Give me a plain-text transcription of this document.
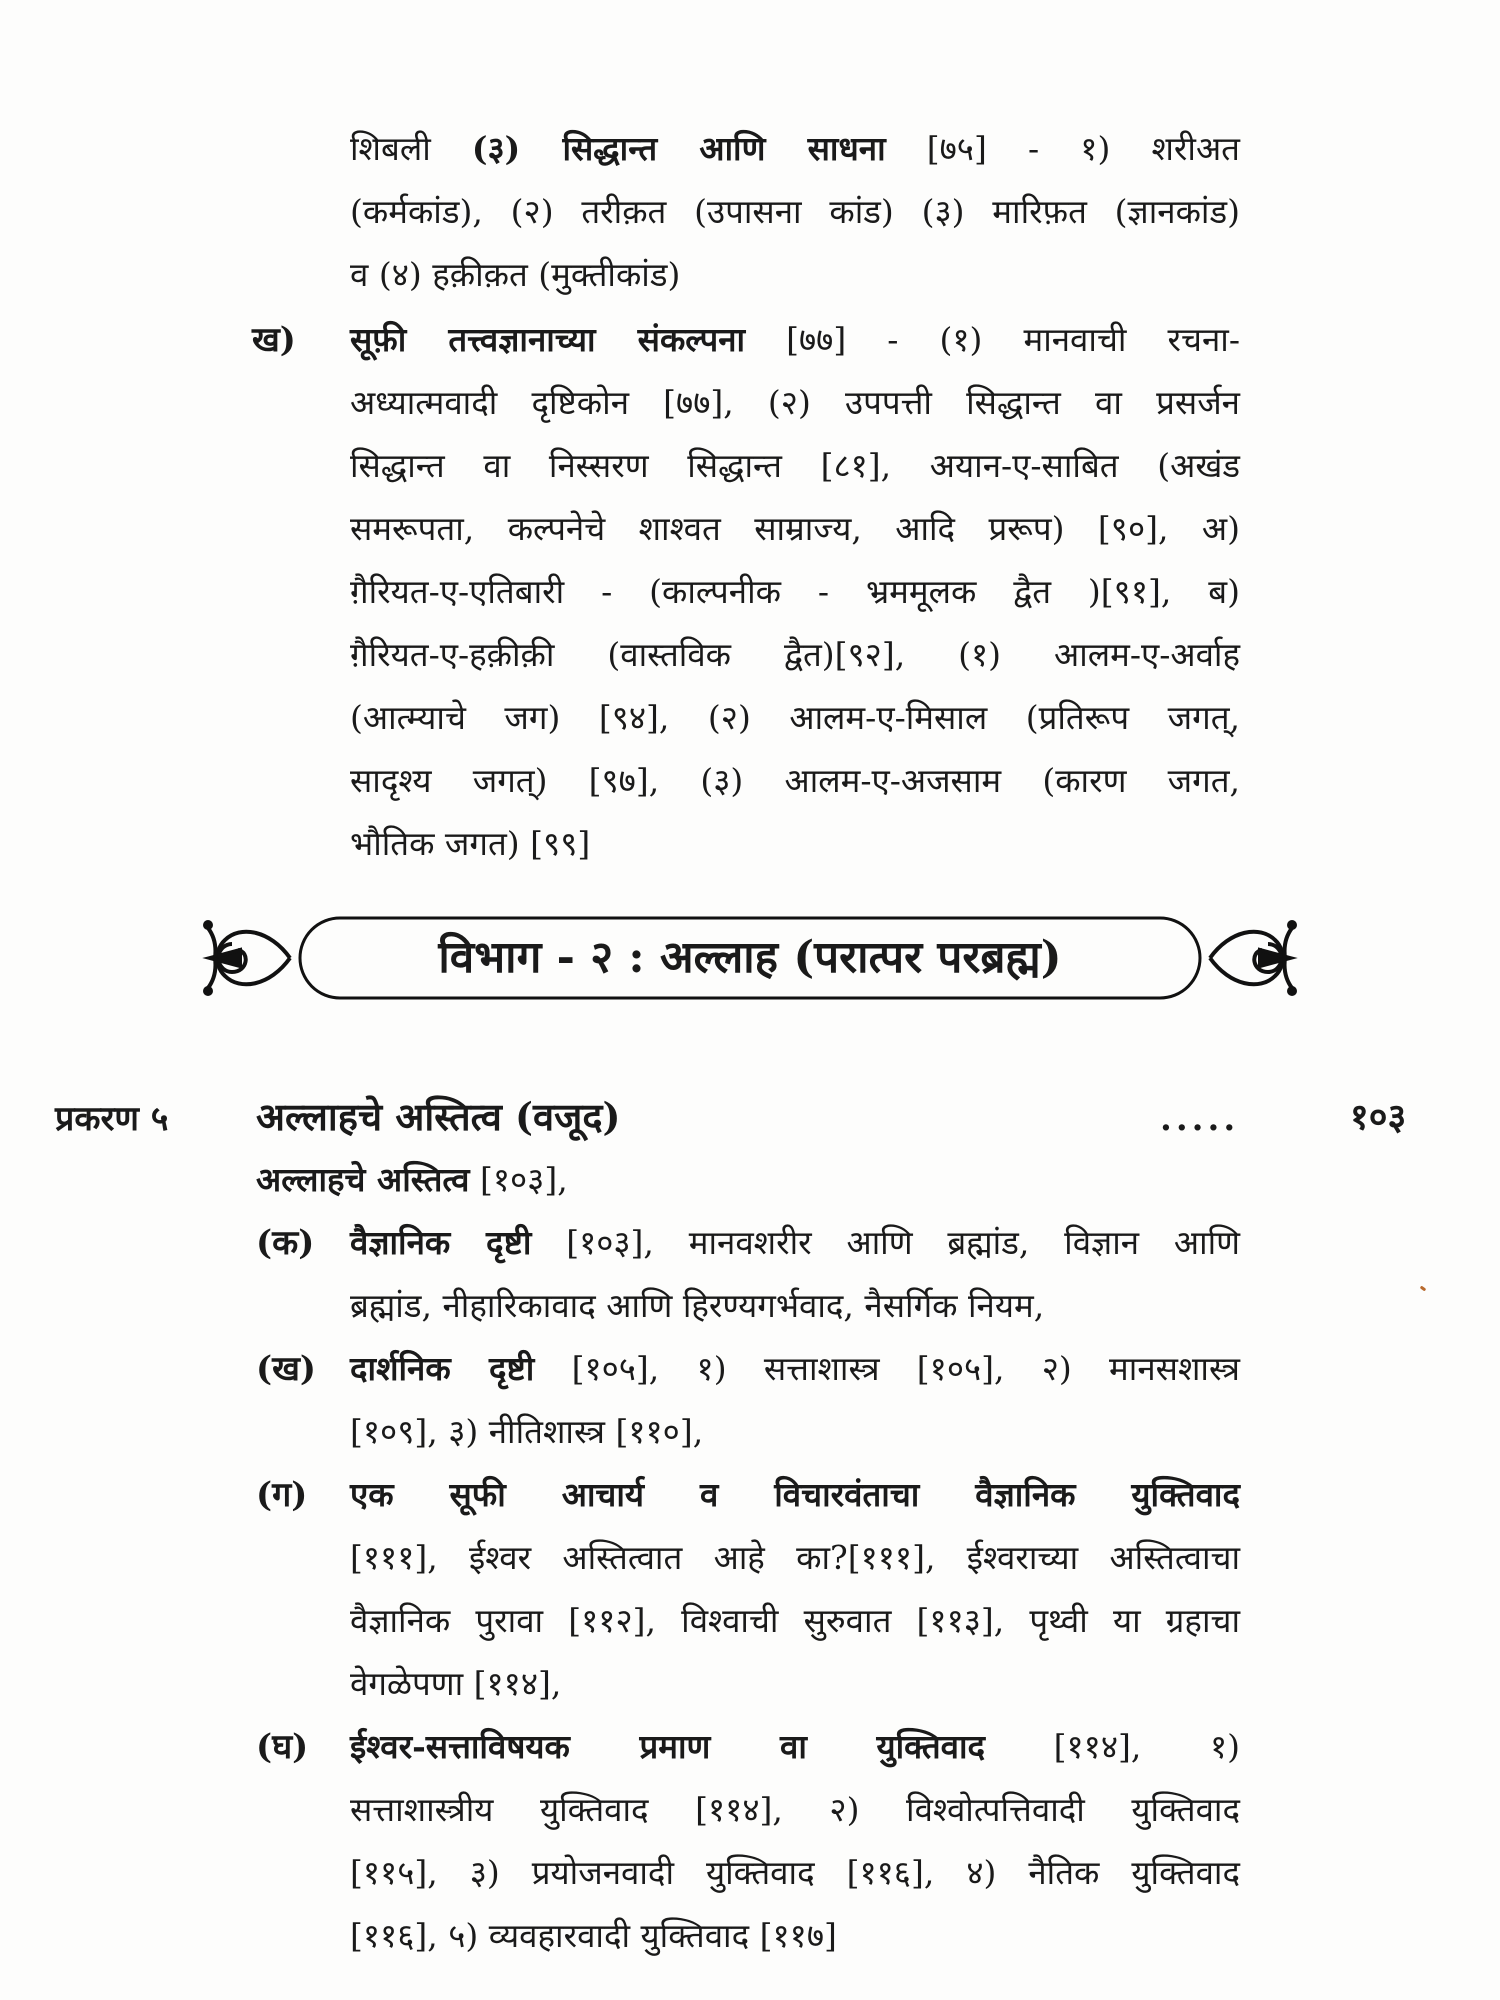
शिबली (३) सिद्धान्त आणि साधना [७५] - १) शरीअत
(कर्मकांड), (२) तरीक़त (उपासना कांड) (३) मारिफ़त (ज्ञानकांड)
व (४) हक़ीक़त (मुक्तीकांड)
ख) सूफ़ी तत्त्वज्ञानाच्या संकल्पना [७७] - (१) मानवाची रचना-
अध्यात्मवादी दृष्टिकोन [७७], (२) उपपत्ती सिद्धान्त वा प्रसर्जन
सिद्धान्त वा निस्सरण सिद्धान्त [८१], अयान-ए-साबित (अखंड
समरूपता, कल्पनेचे शाश्वत साम्राज्य, आदि प्ररूप) [९०], अ)
ग़ैरियत-ए-एतिबारी - (काल्पनीक - भ्रममूलक द्वैत )[९१], ब)
ग़ैरियत-ए-हक़ीक़ी (वास्तविक द्वैत)[९२], (१) आलम-ए-अर्वाह
(आत्म्याचे जग) [९४], (२) आलम-ए-मिसाल (प्रतिरूप जगत्,
सादृश्य जगत्) [९७], (३) आलम-ए-अजसाम (कारण जगत,
भौतिक जगत) [९९]
विभाग - २ : अल्लाह (परात्पर परब्रह्म)
प्रकरण ५ अल्लाहचे अस्तित्व (वजूद)	.....	१०३
अल्लाहचे अस्तित्व [१०३],
(क) वैज्ञानिक दृष्टी [१०३], मानवशरीर आणि ब्रह्मांड, विज्ञान आणि
ब्रह्मांड, नीहारिकावाद आणि हिरण्यगर्भवाद, नैसर्गिक नियम,
(ख) दार्शनिक दृष्टी [१०५], १) सत्ताशास्त्र [१०५], २) मानसशास्त्र
[१०९], ३) नीतिशास्त्र [११०],
(ग) एक सूफी आचार्य व विचारवंताचा वैज्ञानिक युक्तिवाद
[१११], ईश्वर अस्तित्वात आहे का?[१११], ईश्वराच्या अस्तित्वाचा
वैज्ञानिक पुरावा [११२], विश्वाची सुरुवात [११३], पृथ्वी या ग्रहाचा
वेगळेपणा [११४],
(घ) ईश्वर-सत्ताविषयक प्रमाण वा युक्तिवाद [११४], १)
सत्ताशास्त्रीय युक्तिवाद [११४], २) विश्वोत्पत्तिवादी युक्तिवाद
[११५], ३) प्रयोजनवादी युक्तिवाद [११६], ४) नैतिक युक्तिवाद
[११६], ५) व्यवहारवादी युक्तिवाद [११७]
